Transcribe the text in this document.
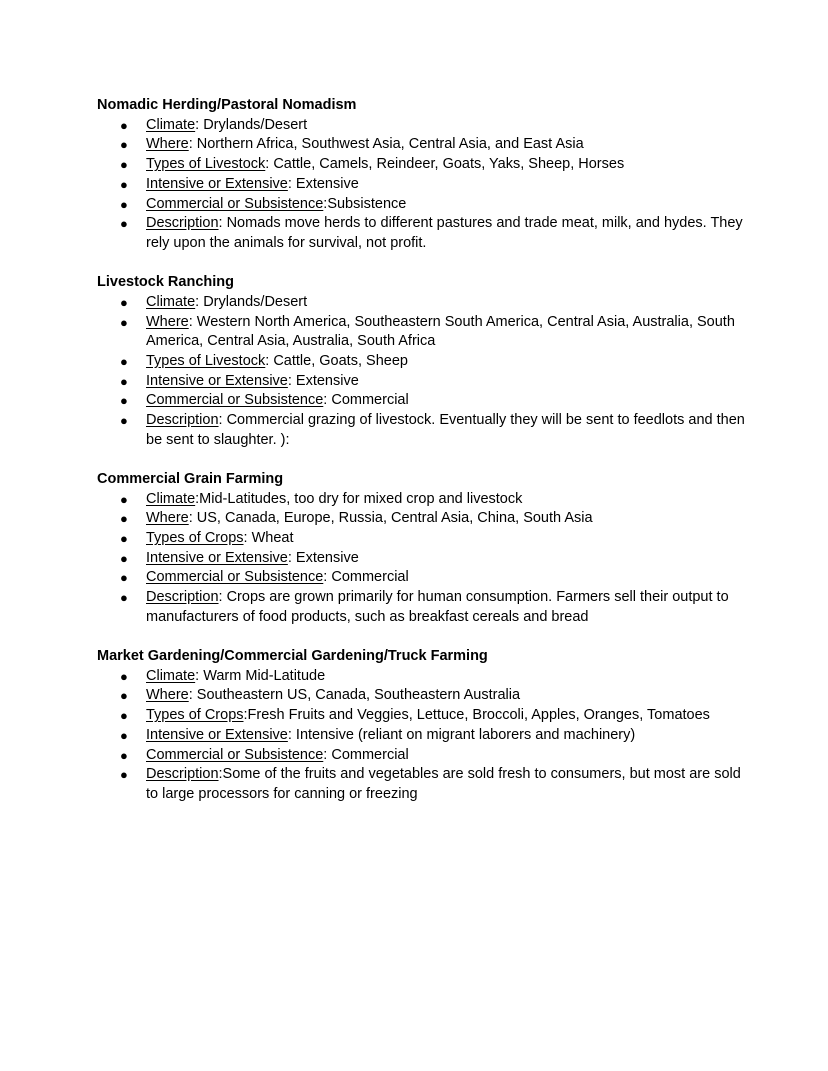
Nomadic Herding/Pastoral Nomadism

● Climate: Drylands/Desert
● Where: Northern Africa, Southwest Asia, Central Asia, and East Asia
● Types of Livestock: Cattle, Camels, Reindeer, Goats, Yaks, Sheep, Horses
● Intensive or Extensive: Extensive
● Commercial or Subsistence:Subsistence
● Description: Nomads move herds to different pastures and trade meat, milk, and hydes. They rely upon the animals for survival, not profit.

Livestock Ranching

● Climate: Drylands/Desert
● Where: Western North America, Southeastern South America, Central Asia, Australia, South America, Central Asia, Australia, South Africa
● Types of Livestock: Cattle, Goats, Sheep
● Intensive or Extensive: Extensive
● Commercial or Subsistence: Commercial
● Description: Commercial grazing of livestock. Eventually they will be sent to feedlots and then be sent to slaughter. ):

Commercial Grain Farming

● Climate:Mid-Latitudes, too dry for mixed crop and livestock
● Where: US, Canada, Europe, Russia, Central Asia, China, South Asia
● Types of Crops: Wheat
● Intensive or Extensive: Extensive
● Commercial or Subsistence: Commercial
● Description: Crops are grown primarily for human consumption. Farmers sell their output to manufacturers of food products, such as breakfast cereals and bread

Market Gardening/Commercial Gardening/Truck Farming

● Climate: Warm Mid-Latitude
● Where: Southeastern US, Canada, Southeastern Australia
● Types of Crops:Fresh Fruits and Veggies, Lettuce, Broccoli, Apples, Oranges, Tomatoes
● Intensive or Extensive: Intensive (reliant on migrant laborers and machinery)
● Commercial or Subsistence: Commercial
● Description:Some of the fruits and vegetables are sold fresh to consumers, but most are sold to large processors for canning or freezing
